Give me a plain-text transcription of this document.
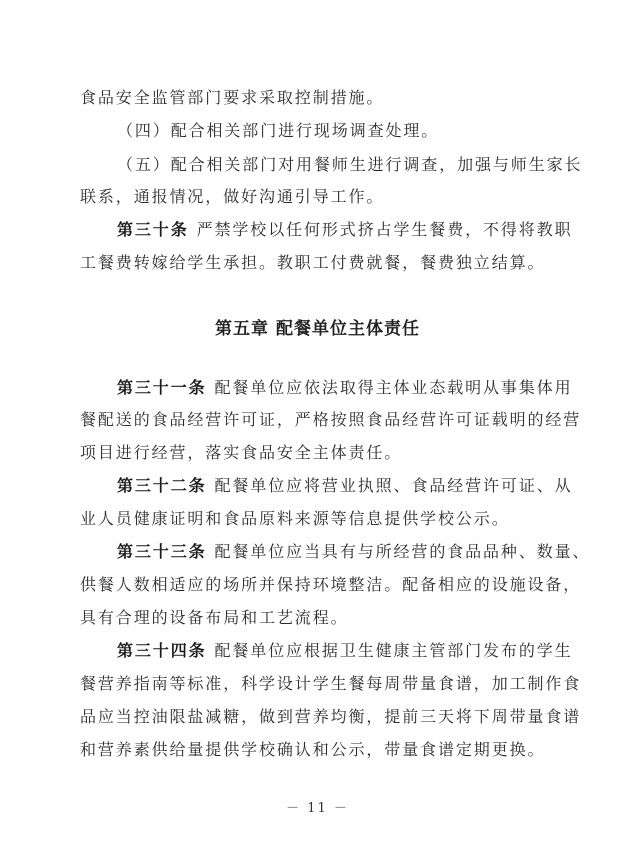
食品安全监管部门要求采取控制措施。
（四）配合相关部门进行现场调查处理。
（五）配合相关部门对用餐师生进行调查，加强与师生家长
联系，通报情况，做好沟通引导工作。
第三十条 严禁学校以任何形式挤占学生餐费，不得将教职
工餐费转嫁给学生承担。教职工付费就餐，餐费独立结算。
第五章 配餐单位主体责任
第三十一条 配餐单位应依法取得主体业态载明从事集体用
餐配送的食品经营许可证，严格按照食品经营许可证载明的经营
项目进行经营，落实食品安全主体责任。
第三十二条 配餐单位应将营业执照、食品经营许可证、从
业人员健康证明和食品原料来源等信息提供学校公示。
第三十三条 配餐单位应当具有与所经营的食品品种、数量、
供餐人数相适应的场所并保持环境整洁。配备相应的设施设备，
具有合理的设备布局和工艺流程。
第三十四条 配餐单位应根据卫生健康主管部门发布的学生
餐营养指南等标准，科学设计学生餐每周带量食谱，加工制作食
品应当控油限盐减糖，做到营养均衡，提前三天将下周带量食谱
和营养素供给量提供学校确认和公示，带量食谱定期更换。
－ 11 －
